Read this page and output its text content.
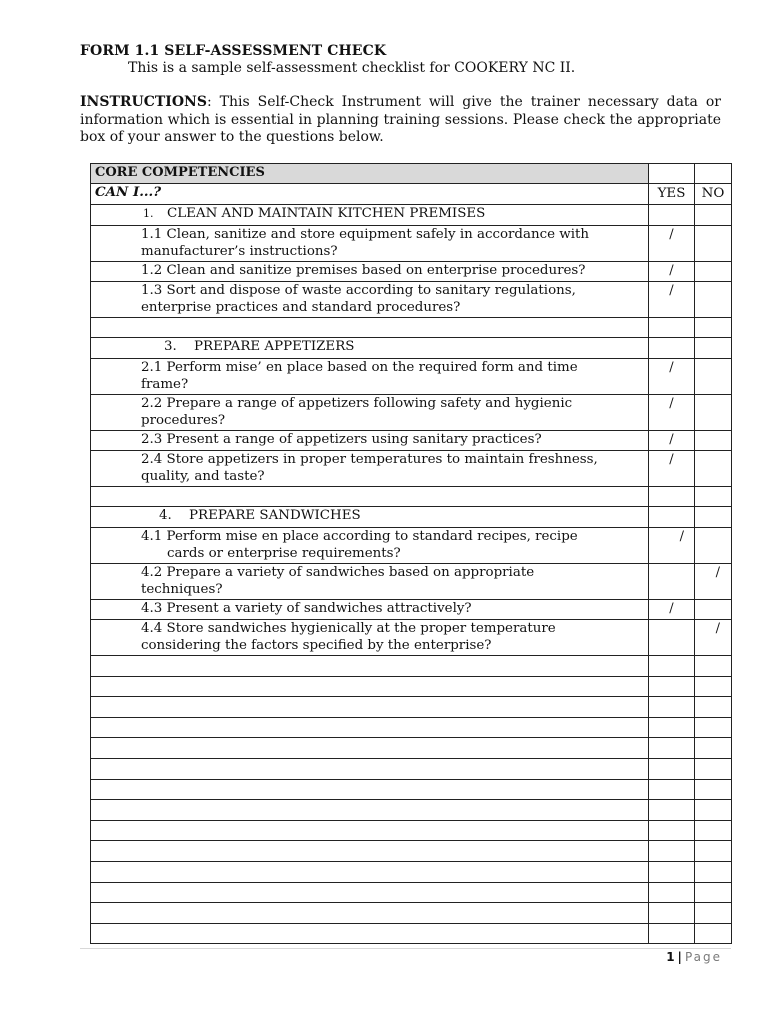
FORM 1.1 SELF-ASSESSMENT CHECK
This is a sample self-assessment checklist for COOKERY NC II.
INSTRUCTIONS: This Self-Check Instrument will give the trainer necessary data or information which is essential in planning training sessions. Please check the appropriate box of your answer to the questions below.
CORE COMPETENCIES		
CAN I...?	YES	NO
1. CLEAN AND MAINTAIN KITCHEN PREMISES		

1.1 Clean, sanitize and store equipment safely in accordance with
manufacturer’s instructions?	/	

1.2 Clean and sanitize premises based on enterprise procedures?	/	

1.3 Sort and dispose of waste according to sanitary regulations,
enterprise practices and standard procedures?	/	

3. PREPARE APPETIZERS		

2.1 Perform mise’ en place based on the required form and time
frame?	/	

2.2 Prepare a range of appetizers following safety and hygienic
procedures?	/	

2.3 Present a range of appetizers using sanitary practices?	/	

2.4 Store appetizers in proper temperatures to maintain freshness,
quality, and taste?	/	

4. PREPARE SANDWICHES		

4.1 Perform mise en place according to standard recipes, recipe
cards or enterprise requirements?	/	

4.2 Prepare a variety of sandwiches based on appropriate
techniques?		/

4.3 Present a variety of sandwiches attractively?	/	

4.4 Store sandwiches hygienically at the proper temperature
considering the factors specified by the enterprise?		/

1 | Page
